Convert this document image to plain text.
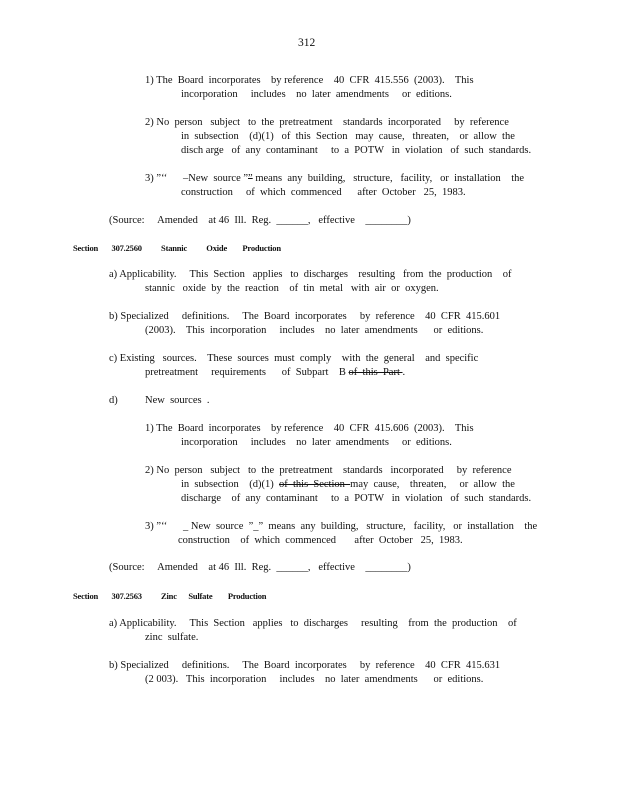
312
1) The  Board  incorporates    by reference    40  CFR  415.556  (2003).    This
incorporation     includes    no  later  amendments     or  editions.
2) No  person   subject   to  the  pretreatment    standards  incorporated     by  reference
in  subsection    (d)(1)   of  this  Section   may  cause,   threaten,    or  allow  the
disch arge   of  any  contaminant     to  a  POTW   in  violation   of  such  standards.
3) ”‘‘      –New  source ”” means  any  building,   structure,   facility,   or  installation    the
construction     of  which  commenced      after  October   25,  1983.
(Source:     Amended    at 46  Ill.  Reg.  ______,   effective    ________)
Section       307.2560          Stannic          Oxide        Production
a) Applicability.     This  Section   applies   to  discharges    resulting   from  the  production    of
stannic   oxide  by  the  reaction    of  tin  metal   with  air  or  oxygen.
b) Specialized     definitions.     The  Board  incorporates     by  reference    40  CFR  415.601
(2003).    This  incorporation     includes    no  later  amendments      or  editions.
c) Existing   sources.    These  sources  must  comply    with  the  general    and  specific
pretreatment     requirements      of  Subpart    B of  this  Part .
d)	New  sources  .
1) The  Board  incorporates    by reference    40  CFR  415.606  (2003).    This
incorporation     includes    no  later  amendments     or  editions.
2) No  person   subject   to  the  pretreatment    standards   incorporated     by  reference
in  subsection    (d)(1)  of  this  Section  may  cause,    threaten,     or  allow  the
discharge    of  any  contaminant     to  a  POTW   in  violation   of  such  standards.
3) ”‘‘      _ New  source  ”_”  means  any  building,   structure,   facility,   or  installation    the
construction    of  which  commenced       after  October   25,  1983.
(Source:     Amended    at 46  Ill.  Reg.  ______,   effective    ________)
Section       307.2563          Zinc      Sulfate        Production
a) Applicability.     This  Section   applies   to  discharges     resulting    from  the  production    of
zinc  sulfate.
b) Specialized     definitions.     The  Board  incorporates     by  reference    40  CFR  415.631
(2 003).   This  incorporation     includes    no  later  amendments      or  editions.
